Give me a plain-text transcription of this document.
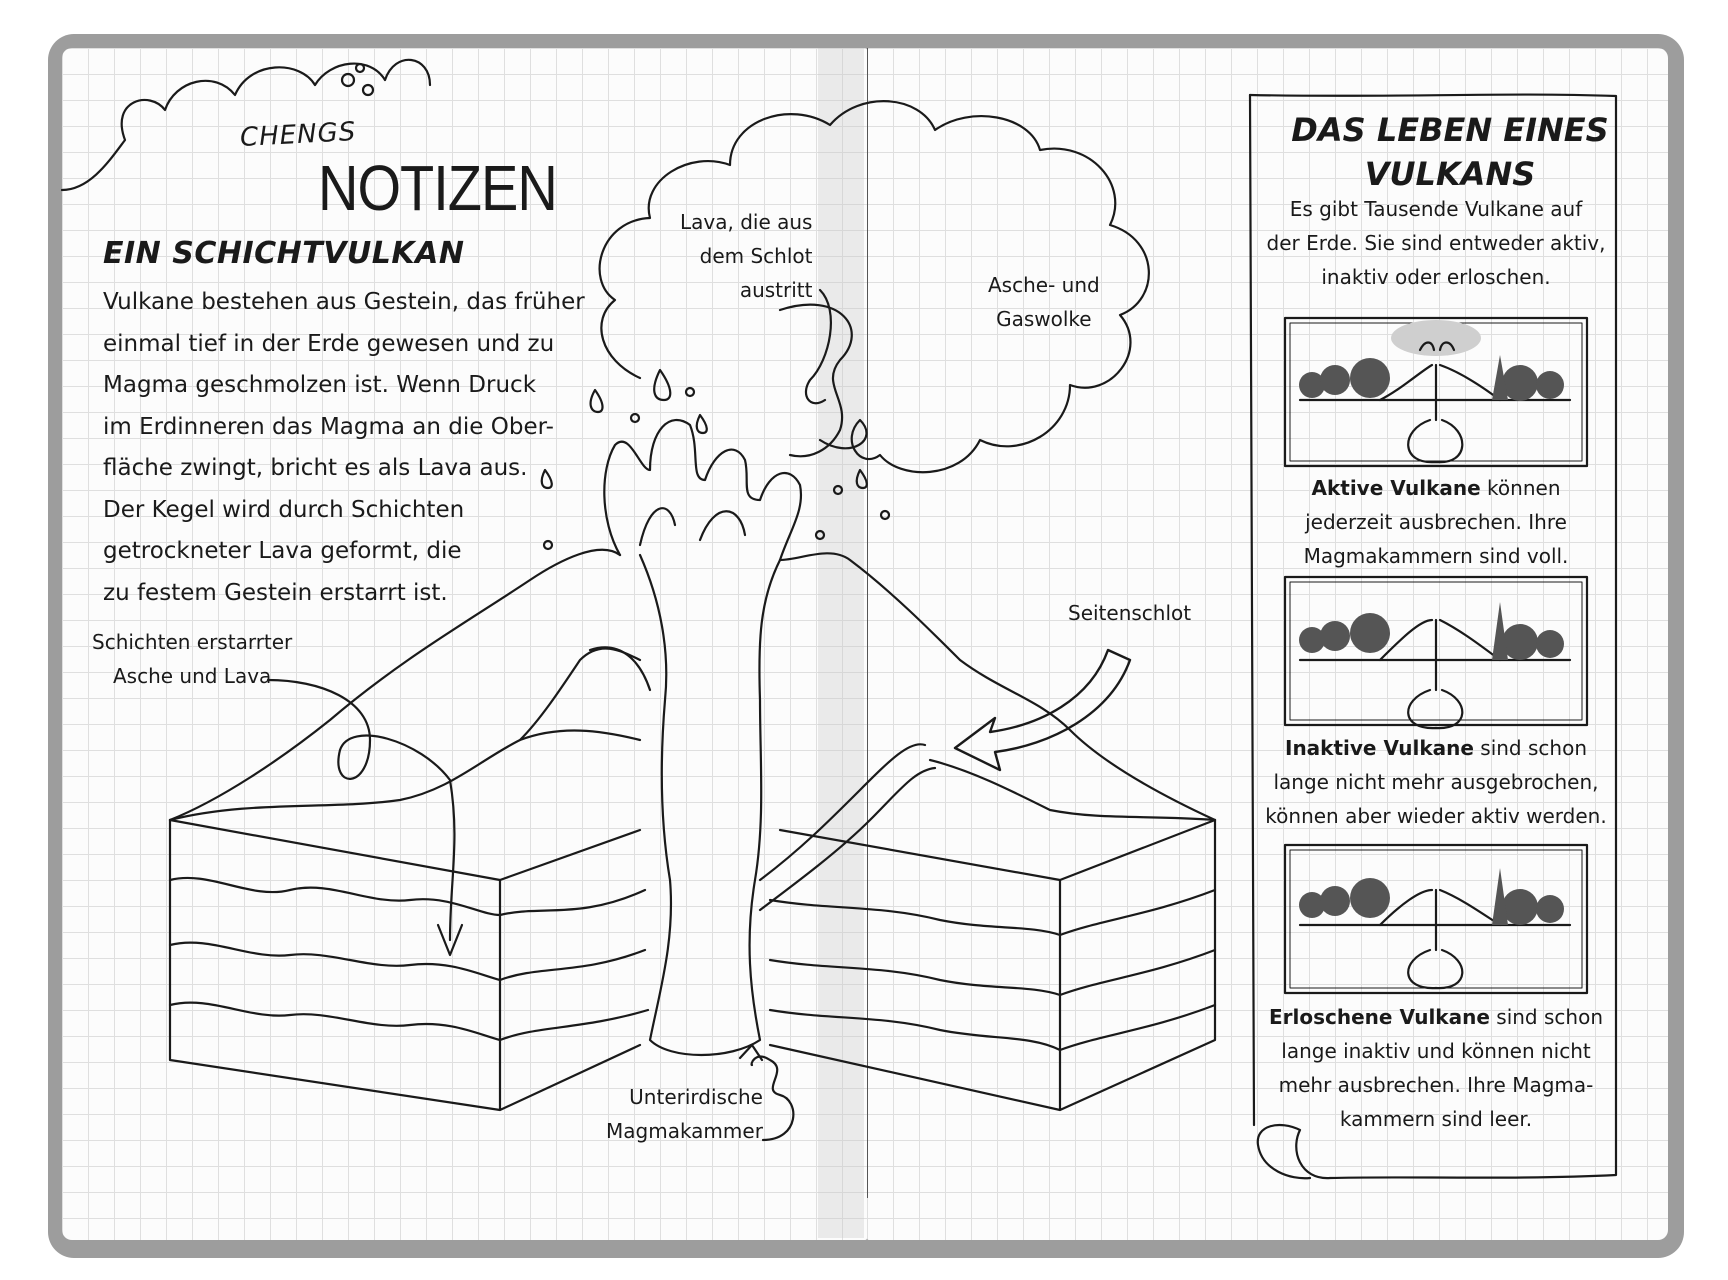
CHENGS
NOTIZEN
EIN SCHICHTVULKAN
Vulkane bestehen aus Gestein, das früher
einmal tief in der Erde gewesen und zu
Magma geschmolzen ist. Wenn Druck
im Erdinneren das Magma an die Ober-
fläche zwingt, bricht es als Lava aus.
Der Kegel wird durch Schichten
getrockneter Lava geformt, die
zu festem Gestein erstarrt ist.
Schichten erstarrter
Asche und Lava
Lava, die aus
dem Schlot
austritt	Asche- und
Gaswolke
Seitenschlot
Unterirdische
Magmakammer
DAS LEBEN EINES
VULKANS
Es gibt Tausende Vulkane auf
der Erde. Sie sind entweder aktiv,
inaktiv oder erloschen.
Aktive Vulkane können
jederzeit ausbrechen. Ihre
Magmakammern sind voll.
Inaktive Vulkane sind schon
lange nicht mehr ausgebrochen,
können aber wieder aktiv werden.
Erloschene Vulkane sind schon
lange inaktiv und können nicht
mehr ausbrechen. Ihre Magma-
kammern sind leer.
